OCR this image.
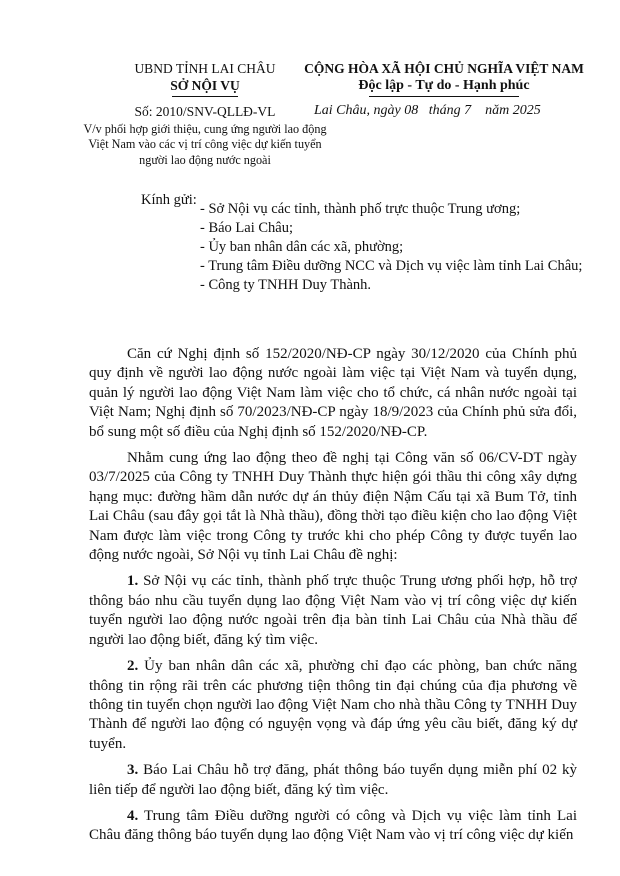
UBND TỈNH LAI CHÂU
SỞ NỘI VỤ
CỘNG HÒA XÃ HỘI CHỦ NGHĨA VIỆT NAM
Độc lập - Tự do - Hạnh phúc
Số: 2010/SNV-QLLĐ-VL
V/v phối hợp giới thiệu, cung ứng người lao động Việt Nam vào các vị trí công việc dự kiến tuyển người lao động nước ngoài
Lai Châu, ngày 08   tháng 7    năm 2025
Kính gửi:
- Sở Nội vụ các tỉnh, thành phố trực thuộc Trung ương;
- Báo Lai Châu;
- Ủy ban nhân dân các xã, phường;
- Trung tâm Điều dưỡng NCC và Dịch vụ việc làm tỉnh Lai Châu;
- Công ty TNHH Duy Thành.

Căn cứ Nghị định số 152/2020/NĐ-CP ngày 30/12/2020 của Chính phủ quy định về người lao động nước ngoài làm việc tại Việt Nam và tuyển dụng, quản lý người lao động Việt Nam làm việc cho tổ chức, cá nhân nước ngoài tại Việt Nam; Nghị định số 70/2023/NĐ-CP ngày 18/9/2023 của Chính phủ sửa đổi, bổ sung một số điều của Nghị định số 152/2020/NĐ-CP.

Nhằm cung ứng lao động theo đề nghị tại Công văn số 06/CV-DT ngày 03/7/2025 của Công ty TNHH Duy Thành thực hiện gói thầu thi công xây dựng hạng mục: đường hầm dẫn nước dự án thủy điện Nậm Cấu tại xã Bum Tở, tỉnh Lai Châu (sau đây gọi tắt là Nhà thầu), đồng thời tạo điều kiện cho lao động Việt Nam được làm việc trong Công ty trước khi cho phép Công ty được tuyển lao động nước ngoài, Sở Nội vụ tỉnh Lai Châu đề nghị:

1. Sở Nội vụ các tỉnh, thành phố trực thuộc Trung ương phối hợp, hỗ trợ thông báo nhu cầu tuyển dụng lao động Việt Nam vào vị trí công việc dự kiến tuyển người lao động nước ngoài trên địa bàn tỉnh Lai Châu của Nhà thầu để người lao động biết, đăng ký tìm việc.

2. Ủy ban nhân dân các xã, phường chỉ đạo các phòng, ban chức năng thông tin rộng rãi trên các phương tiện thông tin đại chúng của địa phương về thông tin tuyển chọn người lao động Việt Nam cho nhà thầu Công ty TNHH Duy Thành để người lao động có nguyện vọng và đáp ứng yêu cầu biết, đăng ký dự tuyển.

3. Báo Lai Châu hỗ trợ đăng, phát thông báo tuyển dụng miễn phí 02 kỳ liên tiếp để người lao động biết, đăng ký tìm việc.

4. Trung tâm Điều dưỡng người có công và Dịch vụ việc làm tỉnh Lai Châu đăng thông báo tuyển dụng lao động Việt Nam vào vị trí công việc dự kiến
